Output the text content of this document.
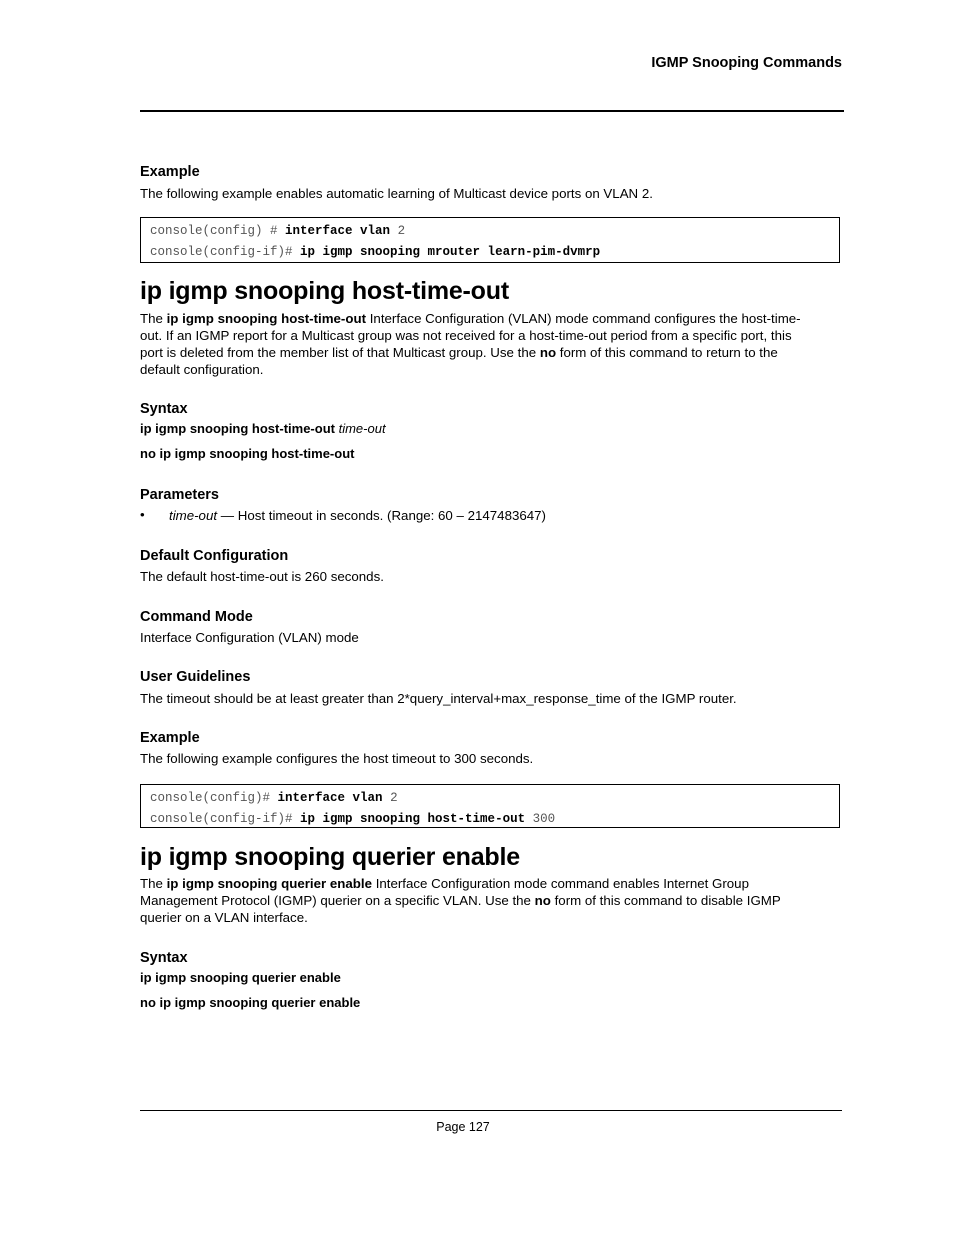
IGMP Snooping Commands
Example
The following example enables automatic learning of Multicast device ports on VLAN 2.
console(config) # interface vlan 2
console(config-if)# ip igmp snooping mrouter learn-pim-dvmrp
ip igmp snooping host-time-out
The ip igmp snooping host-time-out Interface Configuration (VLAN) mode command configures the host-time-
out. If an IGMP report for a Multicast group was not received for a host-time-out period from a specific port, this
port is deleted from the member list of that Multicast group. Use the no form of this command to return to the
default configuration.
Syntax
ip igmp snooping host-time-out time-out
no ip igmp snooping host-time-out
Parameters
• time-out — Host timeout in seconds. (Range: 60 – 2147483647)
Default Configuration
The default host-time-out is 260 seconds.
Command Mode
Interface Configuration (VLAN) mode
User Guidelines
The timeout should be at least greater than 2*query_interval+max_response_time of the IGMP router.
Example
The following example configures the host timeout to 300 seconds.
console(config)# interface vlan 2
console(config-if)# ip igmp snooping host-time-out 300
ip igmp snooping querier enable
The ip igmp snooping querier enable Interface Configuration mode command enables Internet Group
Management Protocol (IGMP) querier on a specific VLAN. Use the no form of this command to disable IGMP
querier on a VLAN interface.
Syntax
ip igmp snooping querier enable
no ip igmp snooping querier enable
Page 127
